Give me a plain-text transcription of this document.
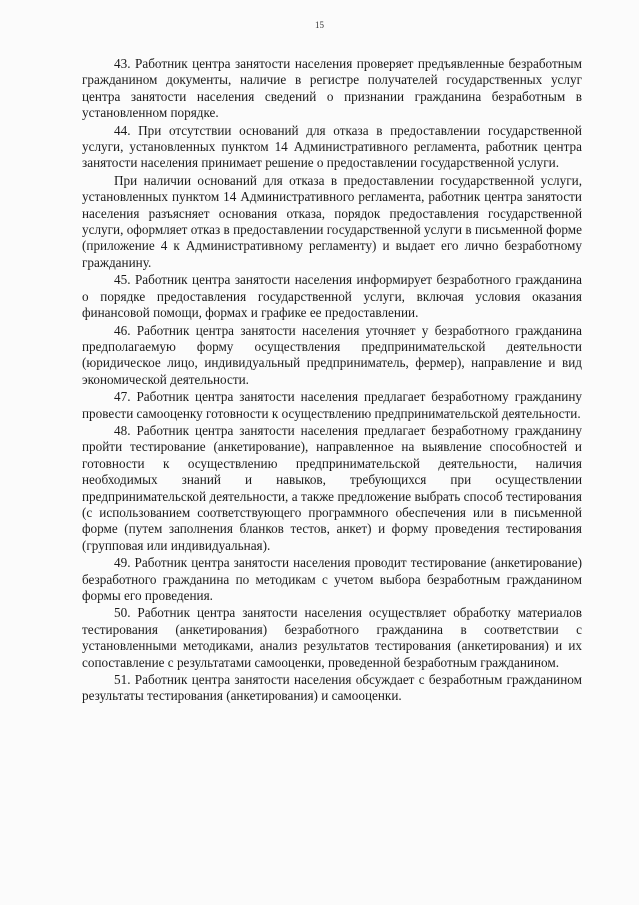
15

43. Работник центра занятости населения проверяет предъявленные безработным гражданином документы, наличие в регистре получателей государственных услуг центра занятости населения сведений о признании гражданина безработным в установленном порядке.

44. При отсутствии оснований для отказа в предоставлении государственной услуги, установленных пунктом 14 Административного регламента, работник центра занятости населения принимает решение о предоставлении государственной услуги.

При наличии оснований для отказа в предоставлении государственной услуги, установленных пунктом 14 Административного регламента, работник центра занятости населения разъясняет основания отказа, порядок предоставления государственной услуги, оформляет отказ в предоставлении государственной услуги в письменной форме (приложение 4 к Административному регламенту) и выдает его лично безработному гражданину.

45. Работник центра занятости населения информирует безработного гражданина о порядке предоставления государственной услуги, включая условия оказания финансовой помощи, формах и графике ее предоставлении.

46. Работник центра занятости населения уточняет у безработного гражданина предполагаемую форму осуществления предпринимательской деятельности (юридическое лицо, индивидуальный предприниматель, фермер), направление и вид экономической деятельности.

47. Работник центра занятости населения предлагает безработному гражданину провести самооценку готовности к осуществлению предпринимательской деятельности.

48. Работник центра занятости населения предлагает безработному гражданину пройти тестирование (анкетирование), направленное на выявление способностей и готовности к осуществлению предпринимательской деятельности, наличия необходимых знаний и навыков, требующихся при осуществлении предпринимательской деятельности, а также предложение выбрать способ тестирования (с использованием соответствующего программного обеспечения или в письменной форме (путем заполнения бланков тестов, анкет) и форму проведения тестирования (групповая или индивидуальная).

49. Работник центра занятости населения проводит тестирование (анкетирование) безработного гражданина по методикам с учетом выбора безработным гражданином формы его проведения.

50. Работник центра занятости населения осуществляет обработку материалов тестирования (анкетирования) безработного гражданина в соответствии с установленными методиками, анализ результатов тестирования (анкетирования) и их сопоставление с результатами самооценки, проведенной безработным гражданином.

51. Работник центра занятости населения обсуждает с безработным гражданином результаты тестирования (анкетирования) и самооценки.
